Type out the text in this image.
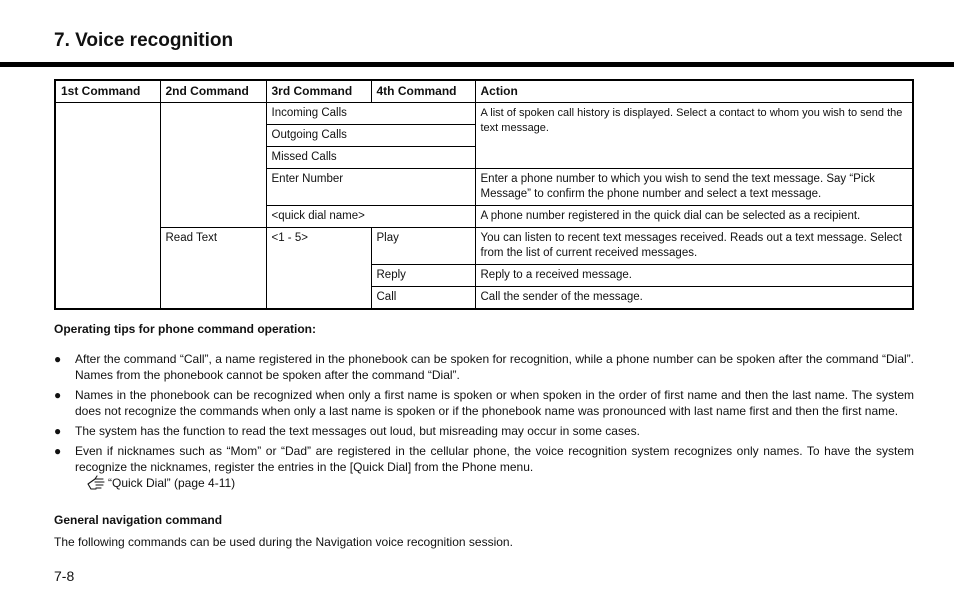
7. Voice recognition
1st Command	2nd Command	3rd Command	4th Command	Action
		Incoming Calls		A list of spoken call history is displayed. Select a contact to whom you wish to send the text message.
		Outgoing Calls		
		Missed Calls		
		Enter Number		Enter a phone number to which you wish to send the text message. Say “Pick Message” to confirm the phone number and select a text message.
		<quick dial name>		A phone number registered in the quick dial can be selected as a recipient.
	Read Text	<1 - 5>	Play	You can listen to recent text messages received. Reads out a text message. Select from the list of current received messages.
			Reply	Reply to a received message.
			Call	Call the sender of the message.
Operating tips for phone command operation:
● After the command “Call”, a name registered in the phonebook can be spoken for recognition, while a phone number can be spoken after the command “Dial”. Names from the phonebook cannot be spoken after the command “Dial”.
● Names in the phonebook can be recognized when only a first name is spoken or when spoken in the order of first name and then the last name. The system does not recognize the commands when only a last name is spoken or if the phonebook name was pronounced with last name first and then the first name.
● The system has the function to read the text messages out loud, but misreading may occur in some cases.
● Even if nicknames such as “Mom” or “Dad” are registered in the cellular phone, the voice recognition system recognizes only names. To have the system recognize the nicknames, register the entries in the [Quick Dial] from the Phone menu.
“Quick Dial” (page 4-11)
General navigation command

The following commands can be used during the Navigation voice recognition session.

7-8
